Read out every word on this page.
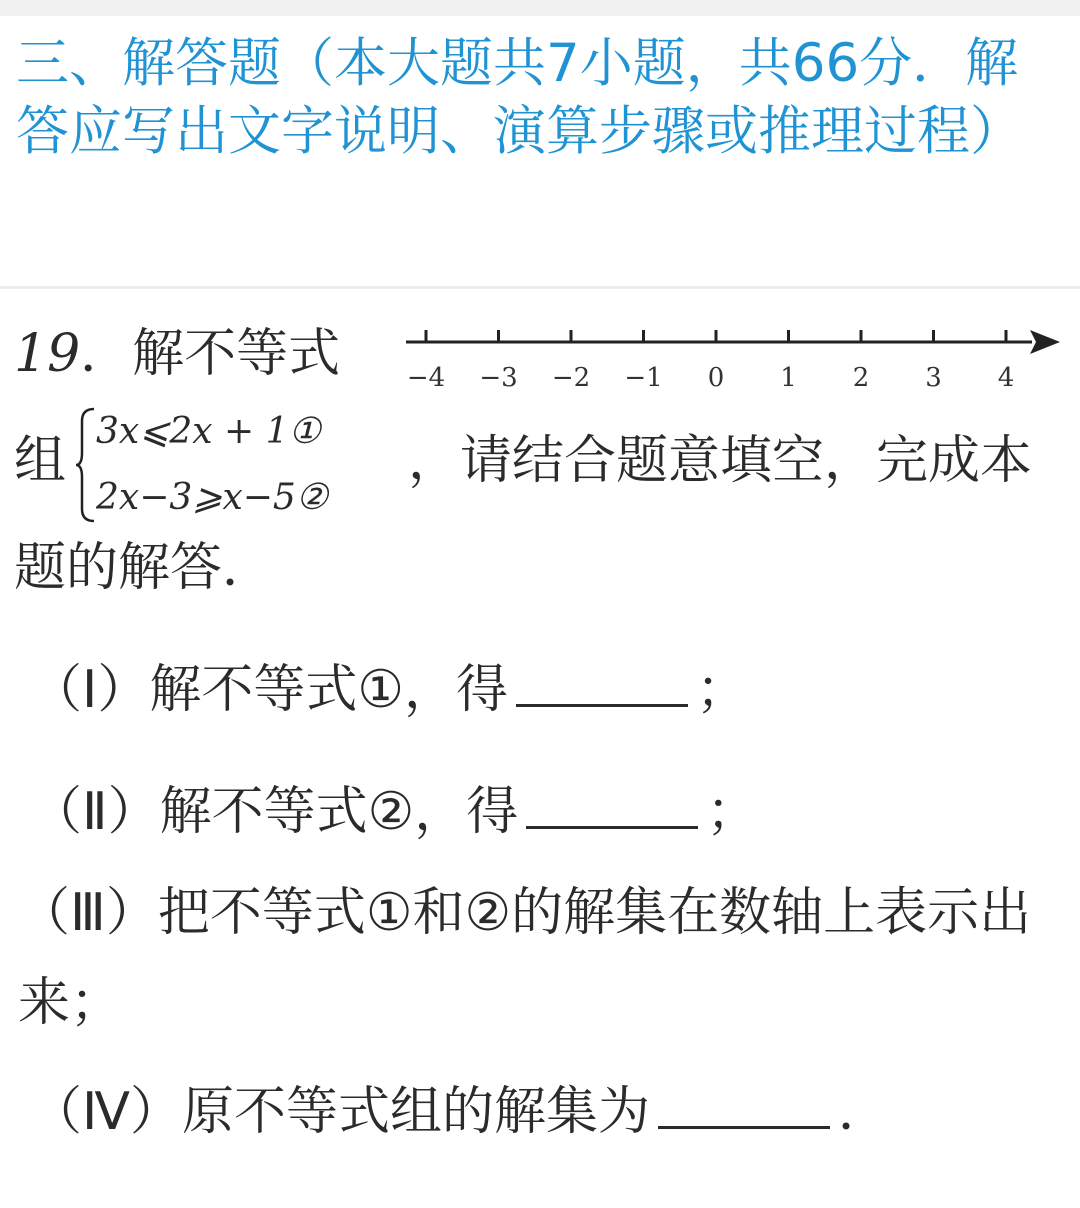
三、解答题（本大题共7小题，共66分．解答应写出文字说明、演算步骤或推理过程）
19．解不等式	−4 −3 −2 −1 0 1 2 3 4
组 3x⩽2x + 1①
2x−3⩾x−5②
，请结合题意填空，完成本
题的解答．
（Ⅰ）解不等式①，得	；
（Ⅱ）解不等式②，得	；
（Ⅲ）把不等式①和②的解集在数轴上表示出来；
（Ⅳ）原不等式组的解集为	．
